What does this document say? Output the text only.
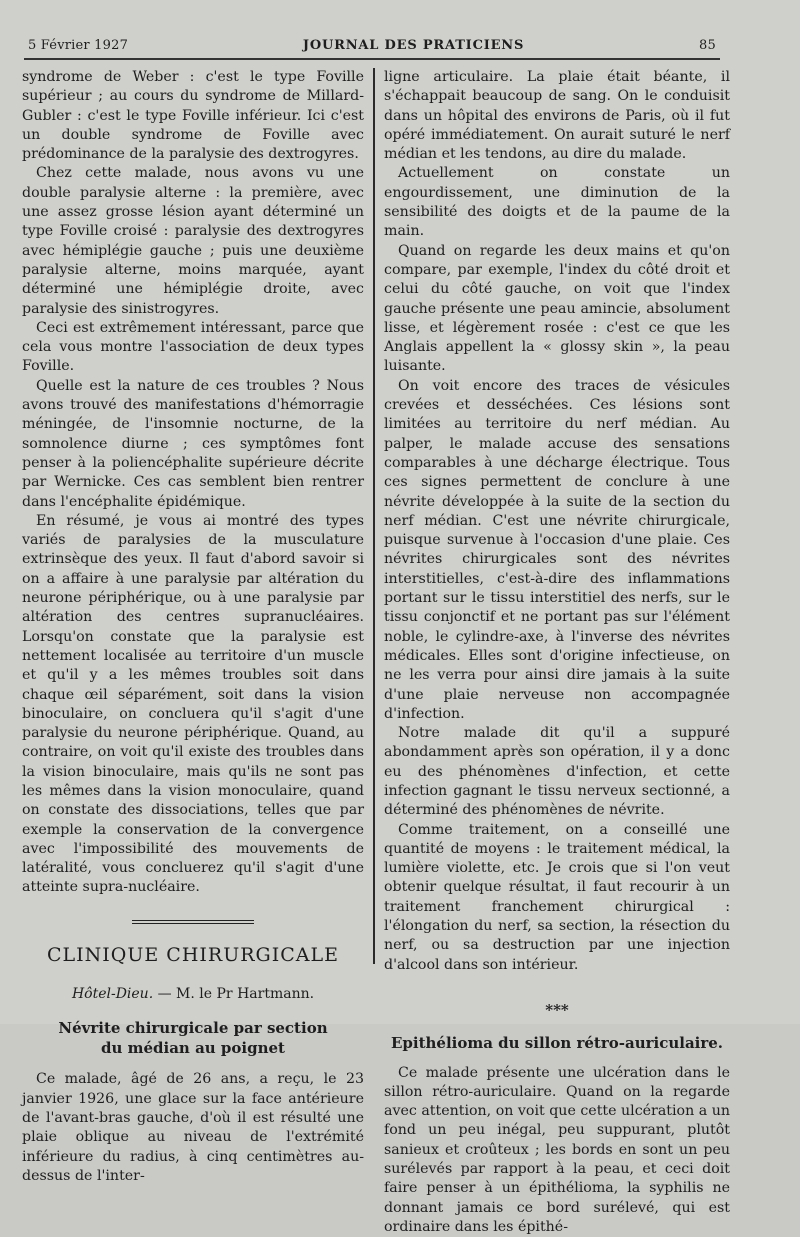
5 Février 1927	JOURNAL DES PRATICIENS	85

syndrome de Weber : c'est le type Foville supérieur ; au cours du syndrome de Millard-Gubler : c'est le type Foville inférieur. Ici c'est un double syndrome de Foville avec prédominance de la paralysie des dextrogyres.

Chez cette malade, nous avons vu une double paralysie alterne : la première, avec une assez grosse lésion ayant déterminé un type Foville croisé : paralysie des dextrogyres avec hémiplégie gauche ; puis une deuxième paralysie alterne, moins marquée, ayant déterminé une hémiplégie droite, avec paralysie des sinistrogyres.

Ceci est extrêmement intéressant, parce que cela vous montre l'association de deux types Foville.

Quelle est la nature de ces troubles ? Nous avons trouvé des manifestations d'hémorragie méningée, de l'insomnie nocturne, de la somnolence diurne ; ces symptômes font penser à la poliencéphalite supérieure décrite par Wernicke. Ces cas semblent bien rentrer dans l'encéphalite épidémique.

En résumé, je vous ai montré des types variés de paralysies de la musculature extrinsèque des yeux. Il faut d'abord savoir si on a affaire à une paralysie par altération du neurone périphérique, ou à une paralysie par altération des centres supranucléaires. Lorsqu'on constate que la paralysie est nettement localisée au territoire d'un muscle et qu'il y a les mêmes troubles soit dans chaque œil séparément, soit dans la vision binoculaire, on concluera qu'il s'agit d'une paralysie du neurone périphérique. Quand, au contraire, on voit qu'il existe des troubles dans la vision binoculaire, mais qu'ils ne sont pas les mêmes dans la vision monoculaire, quand on constate des dissociations, telles que par exemple la conservation de la convergence avec l'impossibilité des mouvements de latéralité, vous concluerez qu'il s'agit d'une atteinte supra-nucléaire.

CLINIQUE CHIRURGICALE
Hôtel-Dieu. — M. le Pr Hartmann.
Névrite chirurgicale par section
du médian au poignet

Ce malade, âgé de 26 ans, a reçu, le 23 janvier 1926, une glace sur la face antérieure de l'avant-bras gauche, d'où il est résulté une plaie oblique au niveau de l'extrémité inférieure du radius, à cinq centimètres au-dessus de l'inter-

ligne articulaire. La plaie était béante, il s'échappait beaucoup de sang. On le conduisit dans un hôpital des environs de Paris, où il fut opéré immédiatement. On aurait suturé le nerf médian et les tendons, au dire du malade.

Actuellement on constate un engourdissement, une diminution de la sensibilité des doigts et de la paume de la main.

Quand on regarde les deux mains et qu'on compare, par exemple, l'index du côté droit et celui du côté gauche, on voit que l'index gauche présente une peau amincie, absolument lisse, et légèrement rosée : c'est ce que les Anglais appellent la « glossy skin », la peau luisante.

On voit encore des traces de vésicules crevées et desséchées. Ces lésions sont limitées au territoire du nerf médian. Au palper, le malade accuse des sensations comparables à une décharge électrique. Tous ces signes permettent de conclure à une névrite développée à la suite de la section du nerf médian. C'est une névrite chirurgicale, puisque survenue à l'occasion d'une plaie. Ces névrites chirurgicales sont des névrites interstitielles, c'est-à-dire des inflammations portant sur le tissu interstitiel des nerfs, sur le tissu conjonctif et ne portant pas sur l'élément noble, le cylindre-axe, à l'inverse des névrites médicales. Elles sont d'origine infectieuse, on ne les verra pour ainsi dire jamais à la suite d'une plaie nerveuse non accompagnée d'infection.

Notre malade dit qu'il a suppuré abondamment après son opération, il y a donc eu des phénomènes d'infection, et cette infection gagnant le tissu nerveux sectionné, a déterminé des phénomènes de névrite.

Comme traitement, on a conseillé une quantité de moyens : le traitement médical, la lumière violette, etc. Je crois que si l'on veut obtenir quelque résultat, il faut recourir à un traitement franchement chirurgical : l'élongation du nerf, sa section, la résection du nerf, ou sa destruction par une injection d'alcool dans son intérieur.

***
Epithélioma du sillon rétro-auriculaire.

Ce malade présente une ulcération dans le sillon rétro-auriculaire. Quand on la regarde avec attention, on voit que cette ulcération a un fond un peu inégal, peu suppurant, plutôt sanieux et croûteux ; les bords en sont un peu surélevés par rapport à la peau, et ceci doit faire penser à un épithélioma, la syphilis ne donnant jamais ce bord surélevé, qui est ordinaire dans les épithé-
